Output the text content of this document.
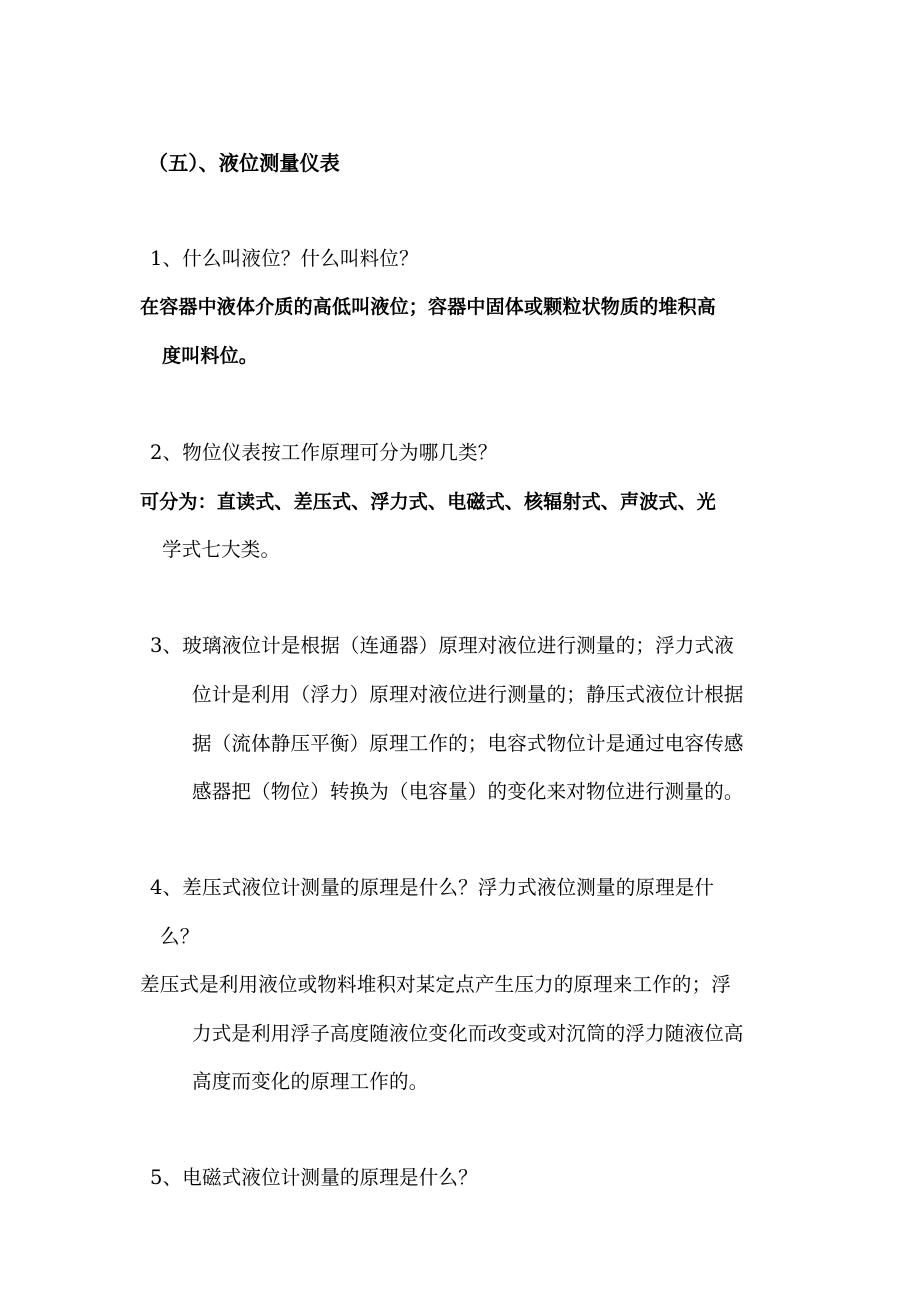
（五）、液位测量仪表
1、什么叫液位？什么叫料位？
在容器中液体介质的高低叫液位；容器中固体或颗粒状物质的堆积高
度叫料位。
2、物位仪表按工作原理可分为哪几类？
可分为：直读式、差压式、浮力式、电磁式、核辐射式、声波式、光
学式七大类。
3、玻璃液位计是根据（连通器）原理对液位进行测量的；浮力式液
位计是利用（浮力）原理对液位进行测量的；静压式液位计根据
据（流体静压平衡）原理工作的；电容式物位计是通过电容传感
感器把（物位）转换为（电容量）的变化来对物位进行测量的。
4、差压式液位计测量的原理是什么？浮力式液位测量的原理是什
么？
差压式是利用液位或物料堆积对某定点产生压力的原理来工作的；浮
力式是利用浮子高度随液位变化而改变或对沉筒的浮力随液位高
高度而变化的原理工作的。
5、电磁式液位计测量的原理是什么？
